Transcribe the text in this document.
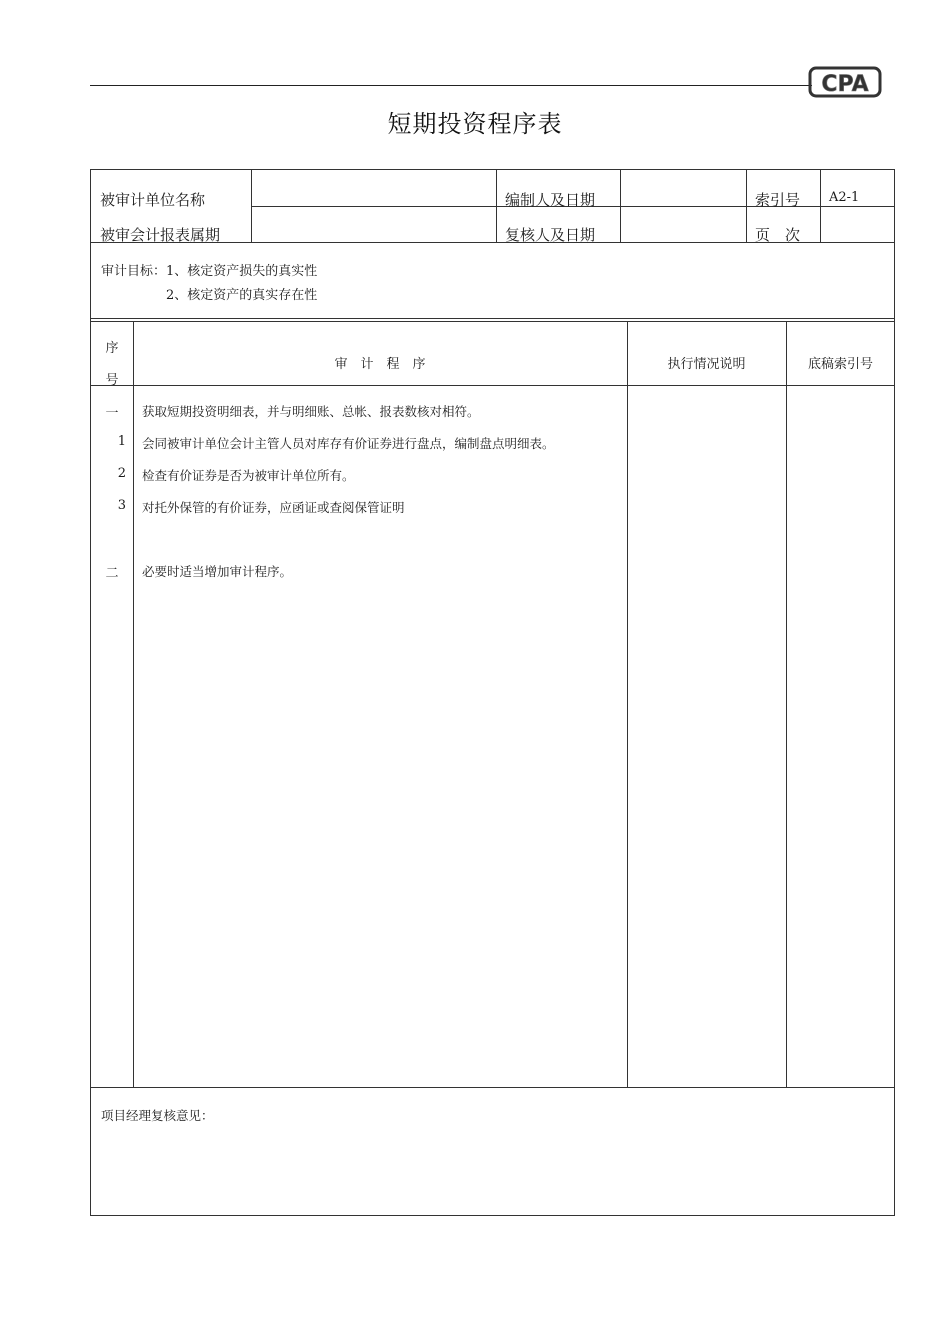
CPA
短期投资程序表
被审计单位名称	编制人及日期	索引号 A2-1
被审会计报表属期	复核人及日期	页　次
审计目标： 1、核定资产损失的真实性
2、核定资产的真实存在性
序
号
审　计　程　序	执行情况说明	底稿索引号
一	获取短期投资明细表，并与明细账、总帐、报表数核对相符。
1 会同被审计单位会计主管人员对库存有价证券进行盘点，编制盘点明细表。
2 检查有价证券是否为被审计单位所有。
3 对托外保管的有价证券，应函证或查阅保管证明
二	必要时适当增加审计程序。
项目经理复核意见：
